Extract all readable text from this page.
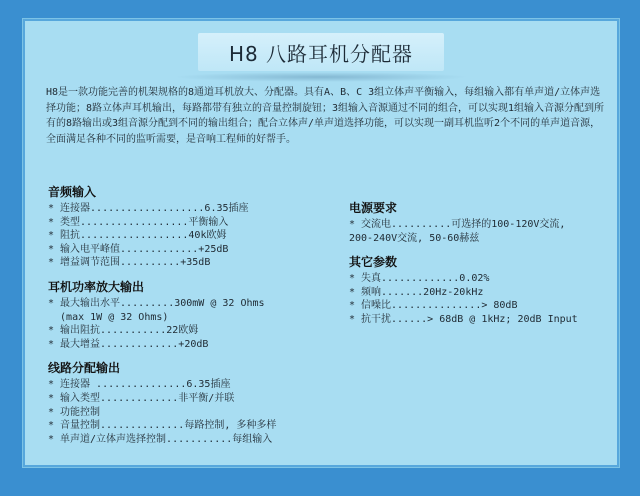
H8 八路耳机分配器

H8是一款功能完善的机架规格的8通道耳机放大、分配器。具有A、B、C 3组立体声平衡输入，每组输入都有单声道/立体声选择功能；8路立体声耳机输出，每路都带有独立的音量控制旋钮；3组输入音源通过不同的组合，可以实现1组输入音源分配到所有的8路输出或3组音源分配到不同的输出组合；配合立体声/单声道选择功能，可以实现一副耳机监听2个不同的单声道音源，全面满足各种不同的监听需要，是音响工程师的好帮手。

音频输入
* 连接器...................6.35插座
* 类型..................平衡输入
* 阻抗..................40k欧姆
* 输入电平峰值.............+25dB
* 增益调节范围..........+35dB
耳机功率放大输出
* 最大输出水平.........300mW @ 32 Ohms
(max 1W @ 32 Ohms)
* 输出阻抗...........22欧姆
* 最大增益.............+20dB
线路分配输出
* 连接器 ...............6.35插座
* 输入类型.............非平衡/并联
* 功能控制
* 音量控制..............每路控制, 多种多样
* 单声道/立体声选择控制...........每组输入
电源要求
* 交流电..........可选择的100-120V交流,
200-240V交流, 50-60赫兹
其它参数
* 失真.............0.02%
* 频响.......20Hz-20kHz
* 信噪比...............> 80dB
* 抗干扰......> 68dB @ 1kHz; 20dB Input
